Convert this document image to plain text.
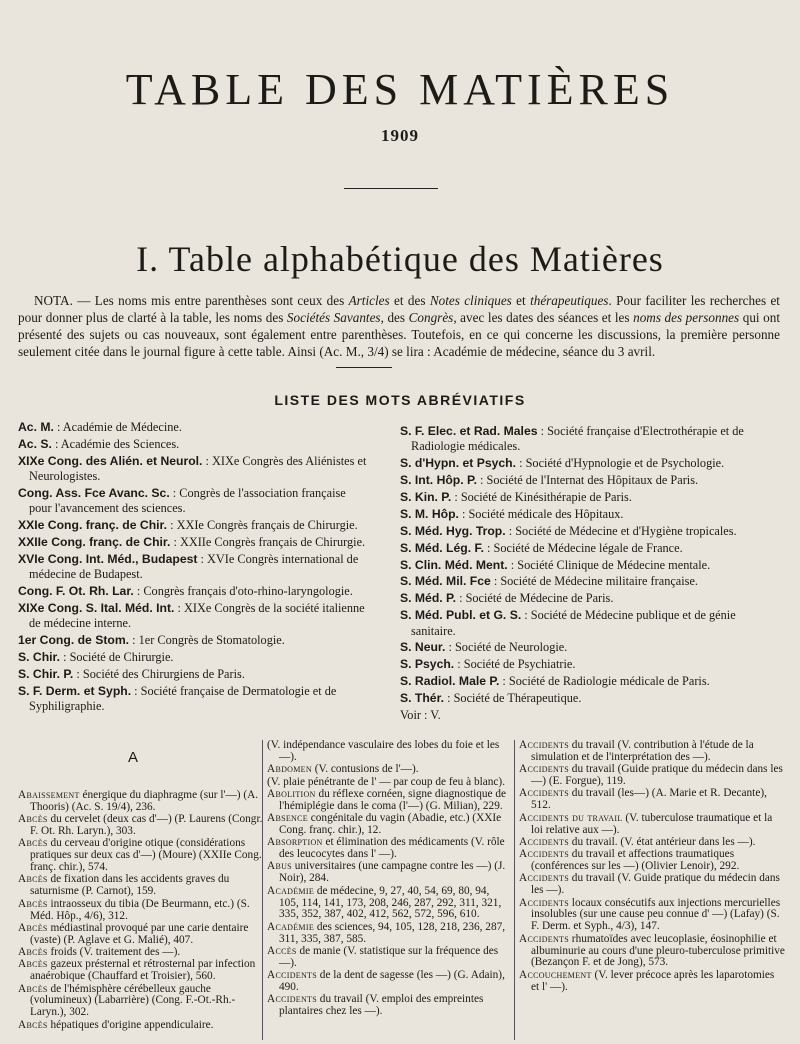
TABLE DES MATIÈRES
1909
I. Table alphabétique des Matières

NOTA. — Les noms mis entre parenthèses sont ceux des Articles et des Notes cliniques et thérapeutiques. Pour faciliter les recherches et pour donner plus de clarté à la table, les noms des Sociétés Savantes, des Congrès, avec les dates des séances et les noms des personnes qui ont présenté des sujets ou cas nouveaux, sont également entre parenthèses. Toutefois, en ce qui concerne les discussions, la première personne seulement citée dans le journal figure à cette table. Ainsi (Ac. M., 3/4) se lira : Académie de médecine, séance du 3 avril.

LISTE DES MOTS ABRÉVIATIFS
Ac. M. : Académie de Médecine.
Ac. S. : Académie des Sciences.
XIXe Cong. des Alién. et Neurol. : XIXe Congrès des Aliénistes et Neurologistes.
Cong. Ass. Fce Avanc. Sc. : Congrès de l'association française pour l'avancement des sciences.
XXIe Cong. franç. de Chir. : XXIe Congrès français de Chirurgie.
XXIIe Cong. franç. de Chir. : XXIIe Congrès français de Chirurgie.
XVIe Cong. Int. Méd., Budapest : XVIe Congrès international de médecine de Budapest.
Cong. F. Ot. Rh. Lar. : Congrès français d'oto-rhino-laryngologie.
XIXe Cong. S. Ital. Méd. Int. : XIXe Congrès de la société italienne de médecine interne.
1er Cong. de Stom. : 1er Congrès de Stomatologie.
S. Chir. : Société de Chirurgie.
S. Chir. P. : Société des Chirurgiens de Paris.
S. F. Derm. et Syph. : Société française de Dermatologie et de Syphiligraphie.
S. F. Elec. et Rad. Males : Société française d'Electrothérapie et de Radiologie médicales.
S. d'Hypn. et Psych. : Société d'Hypnologie et de Psychologie.
S. Int. Hôp. P. : Société de l'Internat des Hôpitaux de Paris.
S. Kin. P. : Société de Kinésithérapie de Paris.
S. M. Hôp. : Société médicale des Hôpitaux.
S. Méd. Hyg. Trop. : Société de Médecine et d'Hygiène tropicales.
S. Méd. Lég. F. : Société de Médecine légale de France.
S. Clin. Méd. Ment. : Société Clinique de Médecine mentale.
S. Méd. Mil. Fce : Société de Médecine militaire française.
S. Méd. P. : Société de Médecine de Paris.
S. Méd. Publ. et G. S. : Société de Médecine publique et de génie sanitaire.
S. Neur. : Société de Neurologie.
S. Psych. : Société de Psychiatrie.
S. Radiol. Male P. : Société de Radiologie médicale de Paris.
S. Thér. : Société de Thérapeutique.
Voir : V.
A
Abaissement énergique du diaphragme (sur l'—) (A. Thooris) (Ac. S. 19/4), 236.
Abcès du cervelet (deux cas d'—) (P. Laurens (Congr. F. Ot. Rh. Laryn.), 303.
Abcès du cerveau d'origine otique (considérations pratiques sur deux cas d'—) (Moure) (XXIIe Cong. franç. chir.), 574.
Abcès de fixation dans les accidents graves du saturnisme (P. Carnot), 159.
Abcès intraosseux du tibia (De Beurmann, etc.) (S. Méd. Hôp., 4/6), 312.
Abcès médiastinal provoqué par une carie dentaire (vaste) (P. Aglave et G. Malié), 407.
Abcès froids (V. traitement des —).
Abcès gazeux présternal et rétrosternal par infection anaérobique (Chauffard et Troisier), 560.
Abcès de l'hémisphère cérébelleux gauche (volumineux) (Labarrière) (Cong. F.-Ot.-Rh.-Laryn.), 302.
Abcès hépatiques d'origine appendiculaire.
(V. indépendance vasculaire des lobes du foie et les —).
Abdomen (V. contusions de l'—).
(V. plaie pénétrante de l' — par coup de feu à blanc).
Abolition du réflexe cornéen, signe diagnostique de l'hémiplégie dans le coma (l'—) (G. Milian), 229.
Absence congénitale du vagin (Abadie, etc.) (XXIe Cong. franç. chir.), 12.
Absorption et élimination des médicaments (V. rôle des leucocytes dans l' —).
Abus universitaires (une campagne contre les —) (J. Noir), 284.
Académie de médecine, 9, 27, 40, 54, 69, 80, 94, 105, 114, 141, 173, 208, 246, 287, 292, 311, 321, 335, 352, 387, 402, 412, 562, 572, 596, 610.
Académie des sciences, 94, 105, 128, 218, 236, 287, 311, 335, 387, 585.
Accès de manie (V. statistique sur la fréquence des —).
Accidents de la dent de sagesse (les —) (G. Adain), 490.
Accidents du travail (V. emploi des empreintes plantaires chez les —).
Accidents du travail (V. contribution à l'étude de la simulation et de l'interprétation des —).
Accidents du travail (Guide pratique du médecin dans les —) (E. Forgue), 119.
Accidents du travail (les—) (A. Marie et R. Decante), 512.
Accidents du travail (V. tuberculose traumatique et la loi relative aux —).
Accidents du travail. (V. état antérieur dans les —).
Accidents du travail et affections traumatiques (conférences sur les —) (Olivier Lenoir), 292.
Accidents du travail (V. Guide pratique du médecin dans les —).
Accidents locaux consécutifs aux injections mercurielles insolubles (sur une cause peu connue d' —) (Lafay) (S. F. Derm. et Syph., 4/3), 147.
Accidents rhumatoïdes avec leucoplasie, éosinophilie et albuminurie au cours d'une pleuro-tuberculose primitive (Bezançon F. et de Jong), 573.
Accouchement (V. lever précoce après les laparotomies et l' —).
